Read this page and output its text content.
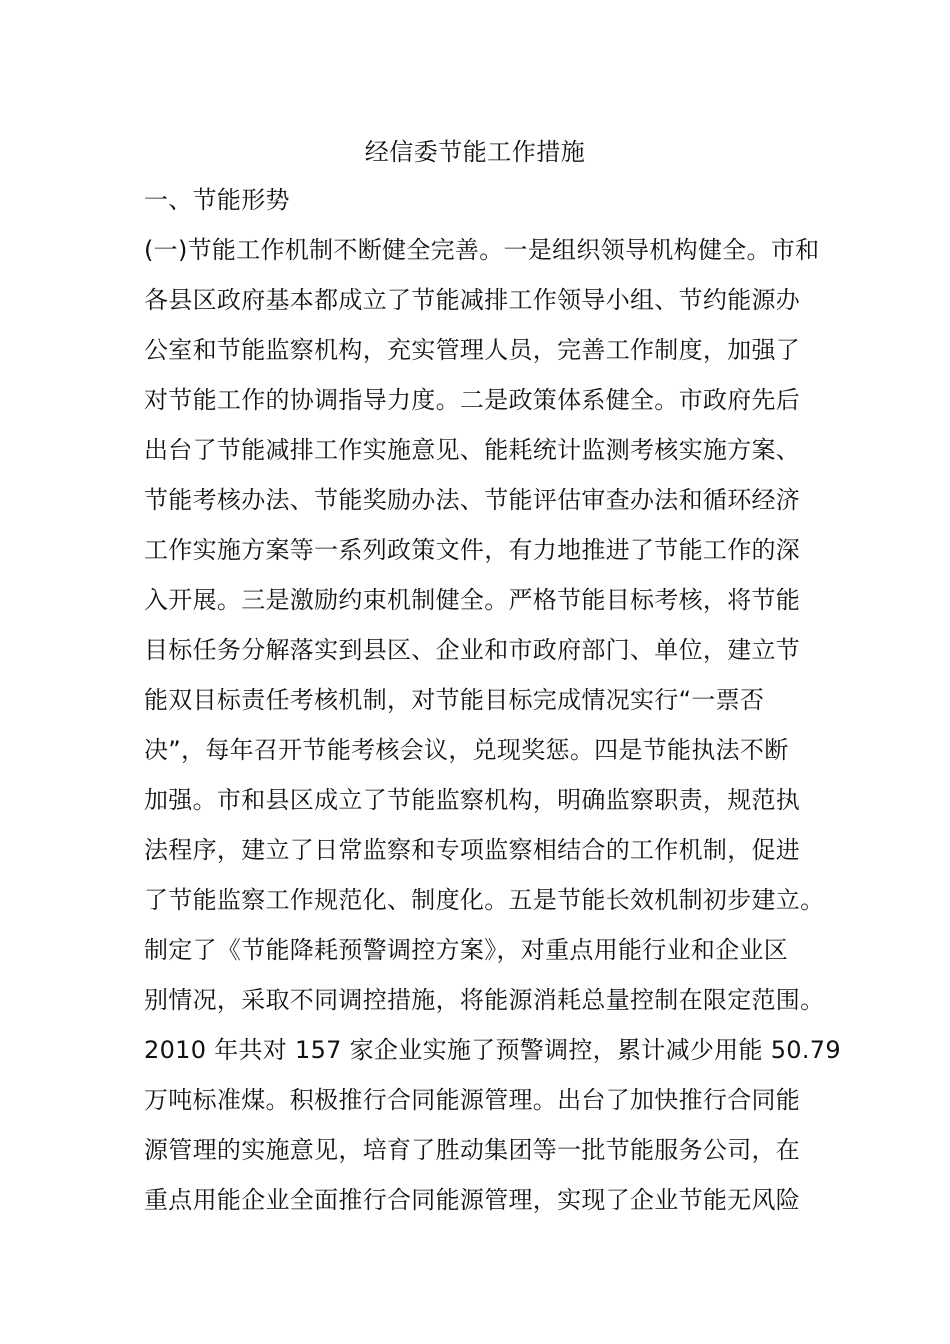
经信委节能工作措施
一、节能形势
(一)节能工作机制不断健全完善。一是组织领导机构健全。市和
各县区政府基本都成立了节能减排工作领导小组、节约能源办
公室和节能监察机构，充实管理人员，完善工作制度，加强了
对节能工作的协调指导力度。二是政策体系健全。市政府先后
出台了节能减排工作实施意见、能耗统计监测考核实施方案、
节能考核办法、节能奖励办法、节能评估审查办法和循环经济
工作实施方案等一系列政策文件，有力地推进了节能工作的深
入开展。三是激励约束机制健全。严格节能目标考核，将节能
目标任务分解落实到县区、企业和市政府部门、单位，建立节
能双目标责任考核机制，对节能目标完成情况实行“一票否
决”，每年召开节能考核会议，兑现奖惩。四是节能执法不断
加强。市和县区成立了节能监察机构，明确监察职责，规范执
法程序，建立了日常监察和专项监察相结合的工作机制，促进
了节能监察工作规范化、制度化。五是节能长效机制初步建立。
制定了《节能降耗预警调控方案》，对重点用能行业和企业区
别情况，采取不同调控措施，将能源消耗总量控制在限定范围。
2010 年共对 157 家企业实施了预警调控，累计减少用能 50.79
万吨标准煤。积极推行合同能源管理。出台了加快推行合同能
源管理的实施意见，培育了胜动集团等一批节能服务公司，在
重点用能企业全面推行合同能源管理，实现了企业节能无风险
